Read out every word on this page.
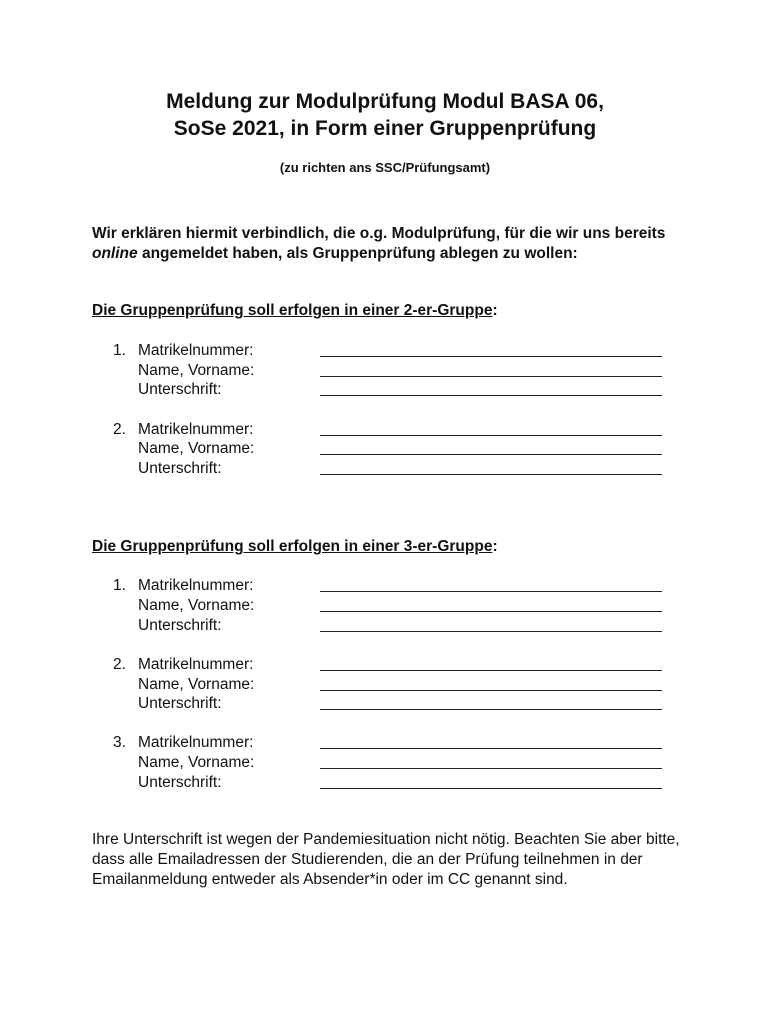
Meldung zur Modulprüfung Modul BASA 06,
SoSe 2021, in Form einer Gruppenprüfung
(zu richten ans SSC/Prüfungsamt)
Wir erklären hiermit verbindlich, die o.g. Modulprüfung, für die wir uns bereits online angemeldet haben, als Gruppenprüfung ablegen zu wollen:
Die Gruppenprüfung soll erfolgen in einer 2-er-Gruppe:
1. Matrikelnummer:
Name, Vorname:
Unterschrift:
2. Matrikelnummer:
Name, Vorname:
Unterschrift:
Die Gruppenprüfung soll erfolgen in einer 3-er-Gruppe:
1. Matrikelnummer:
Name, Vorname:
Unterschrift:
2. Matrikelnummer:
Name, Vorname:
Unterschrift:
3. Matrikelnummer:
Name, Vorname:
Unterschrift:
Ihre Unterschrift ist wegen der Pandemiesituation nicht nötig. Beachten Sie aber bitte, dass alle Emailadressen der Studierenden, die an der Prüfung teilnehmen in der Emailanmeldung entweder als Absender*in oder im CC genannt sind.
